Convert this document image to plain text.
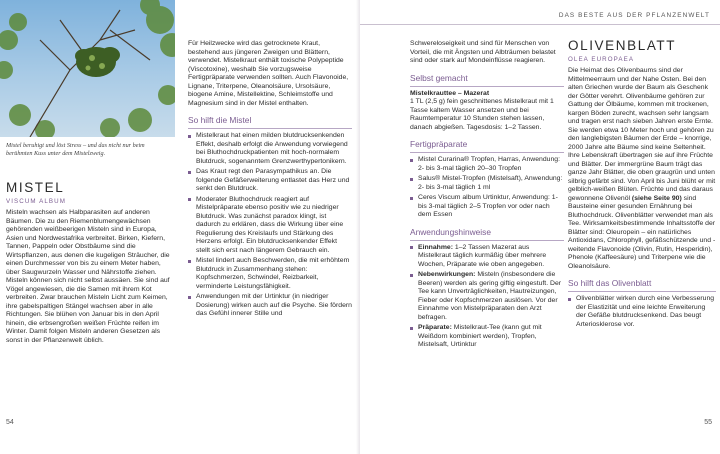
Mistel beruhigt und löst Stress – und das nicht nur beim berühmten Kuss unter dem Mistelzweig.
MISTEL
VISCUM ALBUM

Misteln wachsen als Halbparasiten auf anderen Bäumen. Die zu den Riemenblumengewächsen gehörenden weißbeerigen Misteln sind in Europa, Asien und Nordwestafrika verbreitet. Birken, Kiefern, Tannen, Pappeln oder Obstbäume sind die Wirtspflanzen, aus denen die kugeligen Sträucher, die einen Durchmesser von bis zu einem Meter haben, über Saugwurzeln Wasser und Nährstoffe ziehen. Misteln können sich nicht selbst aussäen. Sie sind auf Vögel angewiesen, die die Samen mit ihrem Kot verbreiten. Zwar brauchen Misteln Licht zum Keimen, ihre gabelspaltigen Stängel wachsen aber in alle Richtungen. Sie blühen von Januar bis in den April hinein, die erbsengroßen weißen Früchte reifen im Winter. Damit folgen Misteln anderen Gesetzen als sonst in der Pflanzenwelt üblich.

Für Heilzwecke wird das getrocknete Kraut, bestehend aus jüngeren Zweigen und Blättern, verwendet. Mistelkraut enthält toxische Polypeptide (Viscotoxine), weshalb Sie vorzugsweise Fertigpräparate verwenden sollten. Auch Flavonoide, Lignane, Triterpene, Oleanolsäure, Ursolsäure, biogene Amine, Mistellektine, Schleimstoffe und Magnesium sind in der Mistel enthalten.

So hilft die Mistel
Mistelkraut hat einen milden blutdrucksenkenden Effekt, deshalb erfolgt die Anwendung vorwiegend bei Bluthochdruckpatienten mit hoch-normalem Blutdruck, sogenanntem Grenzwerthypertonikern.
Das Kraut regt den Parasympathikus an. Die folgende Gefäßerweiterung entlastet das Herz und senkt den Blutdruck.
Moderater Bluthochdruck reagiert auf Mistelpräparate ebenso positiv wie zu niedriger Blutdruck. Was zunächst paradox klingt, ist dadurch zu erklären, dass die Wirkung über eine Regulierung des Kreislaufs und Stärkung des Herzens erfolgt. Ein blutdrucksenkender Effekt stellt sich erst nach längerem Gebrauch ein.
Mistel lindert auch Beschwerden, die mit erhöhtem Blutdruck in Zusammenhang stehen: Kopfschmerzen, Schwindel, Reizbarkeit, verminderte Leistungsfähigkeit.
Anwendungen mit der Urtinktur (in niedriger Dosierung) wirken auch auf die Psyche. Sie fördern das Gefühl innerer Stille und
54
DAS BESTE AUS DER PFLANZENWELT

Schwereloseigkeit und sind für Menschen von Vorteil, die mit Ängsten und Albträumen belastet sind oder stark auf Mondeinflüsse reagieren.

Selbst gemacht

Mistelkrauttee – Mazerat

1 TL (2,5 g) fein geschnittenes Mistelkraut mit 1 Tasse kaltem Wasser ansetzen und bei Raumtemperatur 10 Stunden stehen lassen, danach abgießen. Tagesdosis: 1–2 Tassen.

Fertigpräparate
Mistel Curarina® Tropfen, Harras, Anwendung: 2- bis 3-mal täglich 20–30 Tropfen
Salus® Mistel-Tropfen (Mistelsaft), Anwendung: 2- bis 3-mal täglich 1 ml
Ceres Viscum album Urtinktur, Anwendung: 1- bis 3-mal täglich 2–5 Tropfen vor oder nach dem Essen
Anwendungshinweise
Einnahme: 1–2 Tassen Mazerat aus Mistelkraut täglich kurmäßig über mehrere Wochen, Präparate wie oben angegeben.
Nebenwirkungen: Misteln (insbesondere die Beeren) werden als gering giftig eingestuft. Der Tee kann Unverträglichkeiten, Hautreizungen, Fieber oder Kopfschmerzen auslösen. Vor der Einnahme von Mistelpräparaten den Arzt befragen.
Präparate: Mistelkraut-Tee (kann gut mit Weißdorn kombiniert werden), Tropfen, Mistelsaft, Urtinktur
OLIVENBLATT
OLEA EUROPAEA

Die Heimat des Olivenbaums sind der Mittelmeerraum und der Nahe Osten. Bei den alten Griechen wurde der Baum als Geschenk der Götter verehrt. Olivenbäume gehören zur Gattung der Ölbäume, kommen mit trockenen, kargen Böden zurecht, wachsen sehr langsam und tragen erst nach sieben Jahren erste Ernte. Sie werden etwa 10 Meter hoch und gehören zu den langlebigsten Bäumen der Erde – knorrige, 2000 Jahre alte Bäume sind keine Seltenheit. Ihre Lebenskraft übertragen sie auf ihre Früchte und Blätter. Der immergrüne Baum trägt das ganze Jahr Blätter, die oben graugrün und unten silbrig gefärbt sind. Von April bis Juni blüht er mit gelblich-weißen Blüten. Früchte und das daraus gewonnene Olivenöl (siehe Seite 90) sind Bausteine einer gesunden Ernährung bei Bluthochdruck. Olivenblätter verwendet man als Tee. Wirksamkeitsbestimmende Inhaltsstoffe der Blätter sind: Oleuropein – ein natürliches Antioxidans, Chlorophyll, gefäßschützende und -weitende Flavonoide (Olivin, Rutin, Hesperidin), Phenole (Kaffeesäure) und Triterpene wie die Oleanolsäure.

So hilft das Olivenblatt
Olivenblätter wirken durch eine Verbesserung der Elastizität und eine leichte Erweiterung der Gefäße blutdrucksenkend. Das beugt Arteriosklerose vor.
55
